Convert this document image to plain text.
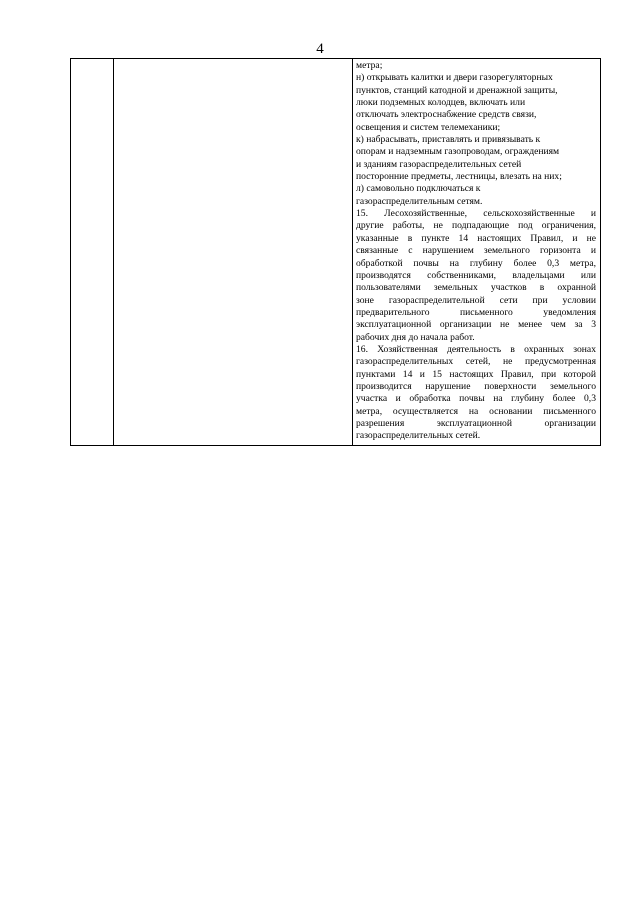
4

метра;

н) открывать калитки и двери газорегуляторных

пунктов, станций катодной и дренажной защиты,

люки подземных колодцев, включать или

отключать электроснабжение средств связи,

освещения и систем телемеханики;

к) набрасывать, приставлять и привязывать к

опорам и надземным газопроводам, ограждениям

и зданиям газораспределительных сетей

посторонние предметы, лестницы, влезать на них;

л) самовольно подключаться к

газораспределительным сетям.

15. Лесохозяйственные, сельскохозяйственные и

другие работы, не подпадающие под ограничения,

указанные в пункте 14 настоящих Правил, и не

связанные с нарушением земельного горизонта и

обработкой почвы на глубину более 0,3 метра,

производятся собственниками, владельцами или

пользователями земельных участков в охранной

зоне газораспределительной сети при условии

предварительного письменного уведомления

эксплуатационной организации не менее чем за 3

рабочих дня до начала работ.

16. Хозяйственная деятельность в охранных зонах

газораспределительных сетей, не предусмотренная

пунктами 14 и 15 настоящих Правил, при которой

производится нарушение поверхности земельного

участка и обработка почвы на глубину более 0,3

метра, осуществляется на основании письменного

разрешения эксплуатационной организации

газораспределительных сетей.
